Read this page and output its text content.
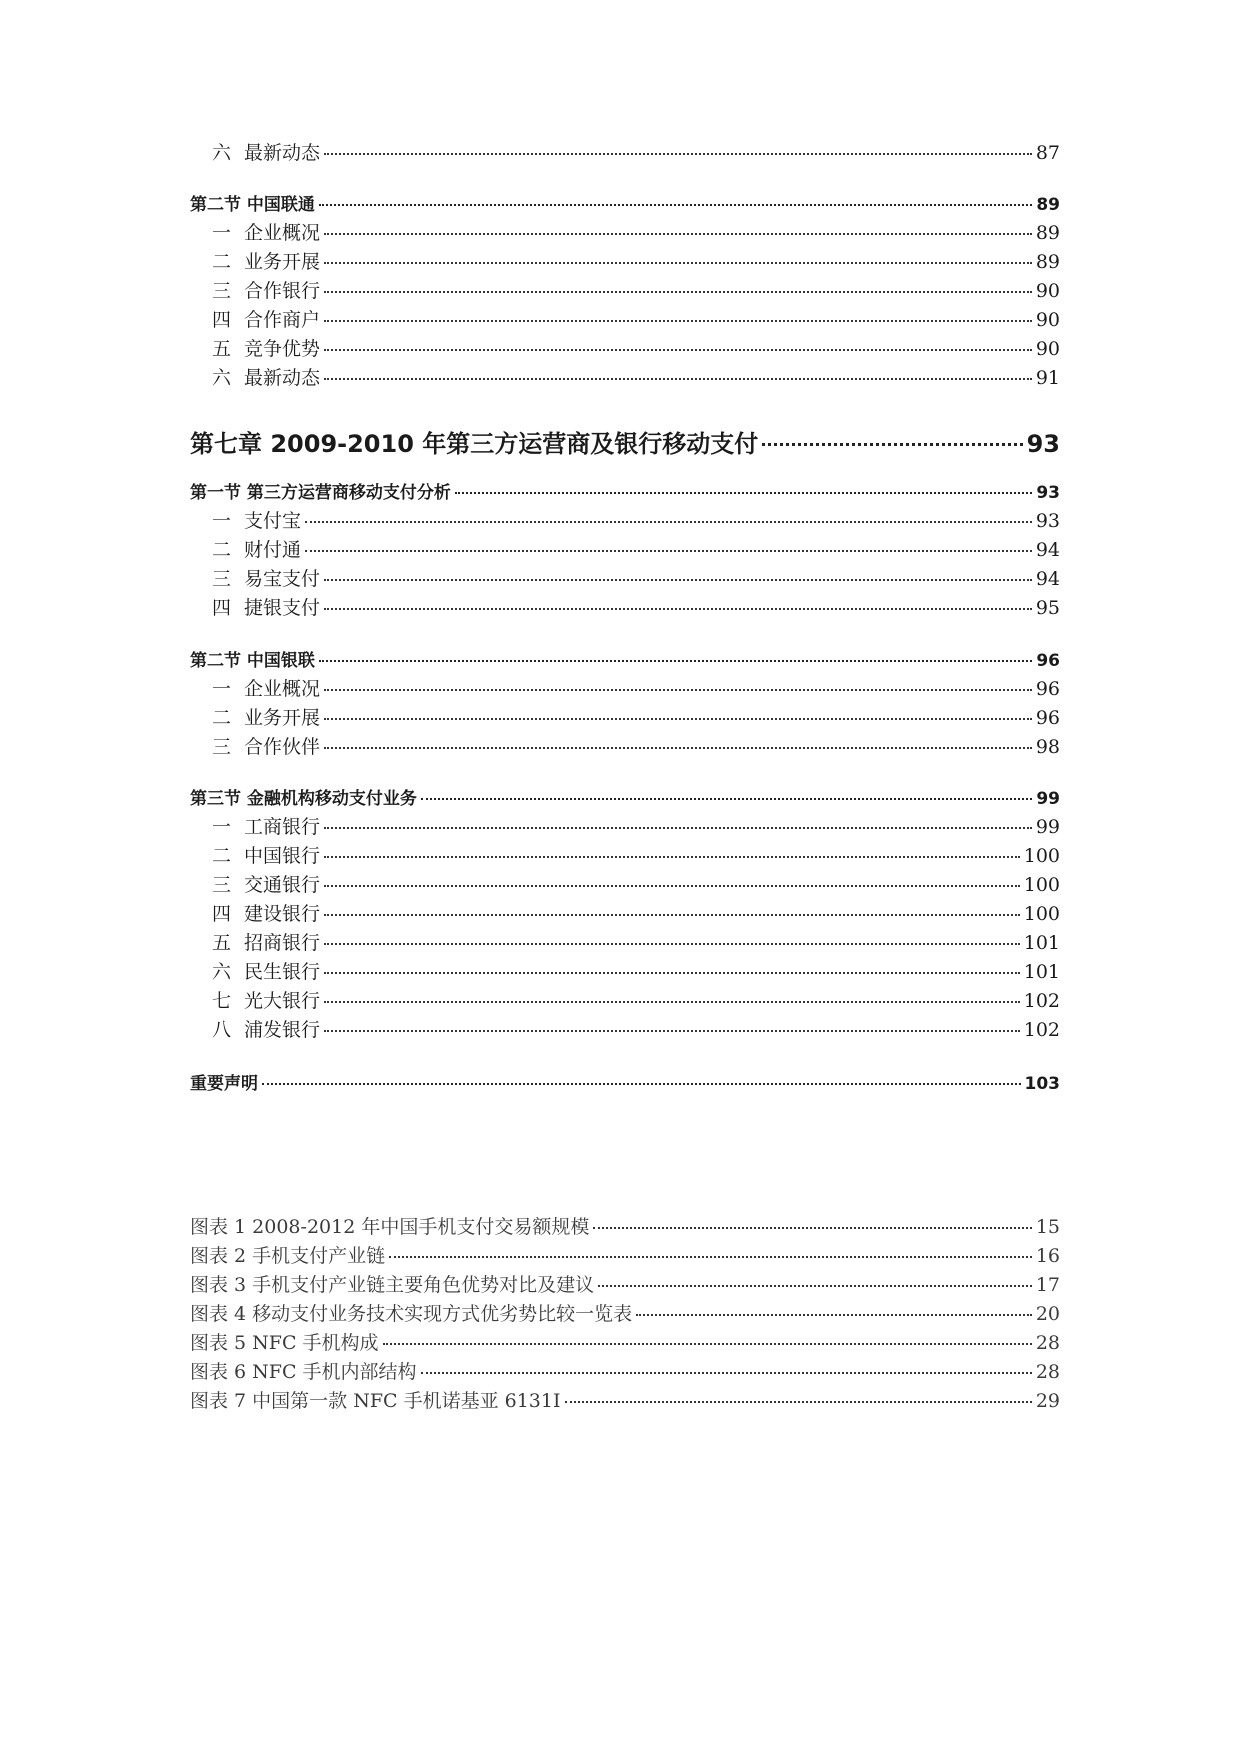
六 最新动态	87
第二节 中国联通	89
一 企业概况	89
二 业务开展	89
三 合作银行	90
四 合作商户	90
五 竞争优势	90
六 最新动态	91
第七章 2009-2010 年第三方运营商及银行移动支付	93
第一节 第三方运营商移动支付分析	93
一 支付宝	93
二 财付通	94
三 易宝支付	94
四 捷银支付	95
第二节 中国银联	96
一 企业概况	96
二 业务开展	96
三 合作伙伴	98
第三节 金融机构移动支付业务	99
一 工商银行	99
二 中国银行	100
三 交通银行	100
四 建设银行	100
五 招商银行	101
六 民生银行	101
七 光大银行	102
八 浦发银行	102
重要声明	103
图表 1 2008-2012 年中国手机支付交易额规模	15
图表 2 手机支付产业链	16
图表 3 手机支付产业链主要角色优势对比及建议	17
图表 4 移动支付业务技术实现方式优劣势比较一览表	20
图表 5 NFC 手机构成	28
图表 6 NFC 手机内部结构	28
图表 7 中国第一款 NFC 手机诺基亚 6131I	29
